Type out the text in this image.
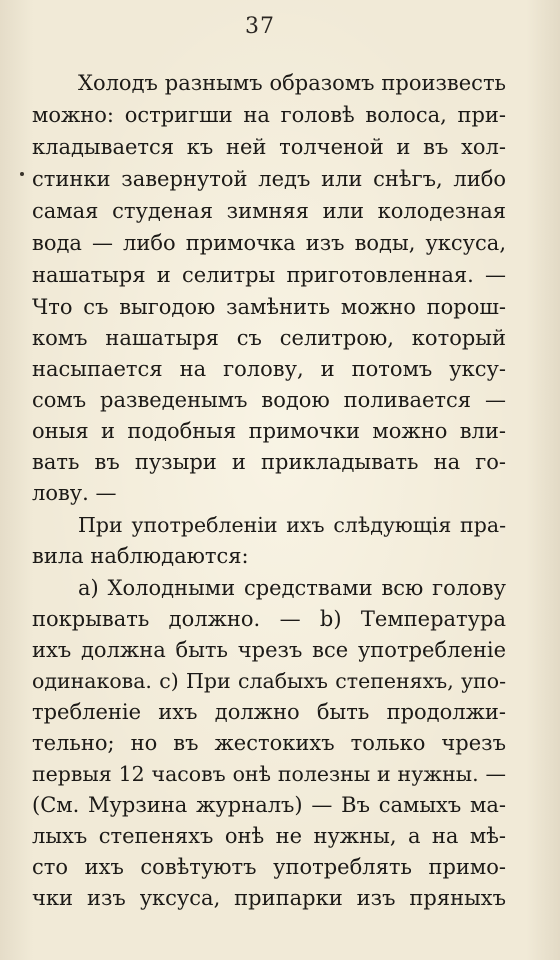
37
Холодъ разнымъ образомъ произвесть
можно: остригши на головѣ волоса, при-
кладывается къ ней толченой и въ хол-
стинки завернутой ледъ или снѣгъ, либо
самая студеная зимняя или колодезная
вода — либо примочка изъ воды, уксуса,
нашатыря и селитры приготовленная. —
Что съ выгодою замѣнить можно порош-
комъ нашатыря съ селитрою, который
насыпается на голову, и потомъ уксу-
сомъ разведенымъ водою поливается —
оныя и подобныя примочки можно вли-
вать въ пузыри и прикладывать на го-
лову. —
При употребленіи ихъ слѣдующія пра-
вила наблюдаются:
a) Холодными средствами всю голову
покрывать должно. — b) Температура
ихъ должна быть чрезъ все употребленіе
одинакова. c) При слабыхъ степеняхъ, упо-
требленіе ихъ должно быть продолжи-
тельно; но въ жестокихъ только чрезъ
первыя 12 часовъ онѣ полезны и нужны. —
(См. Мурзина журналъ) — Въ самыхъ ма-
лыхъ степеняхъ онѣ не нужны, а на мѣ-
сто ихъ совѣтуютъ употреблять примо-
чки изъ уксуса, припарки изъ пряныхъ
